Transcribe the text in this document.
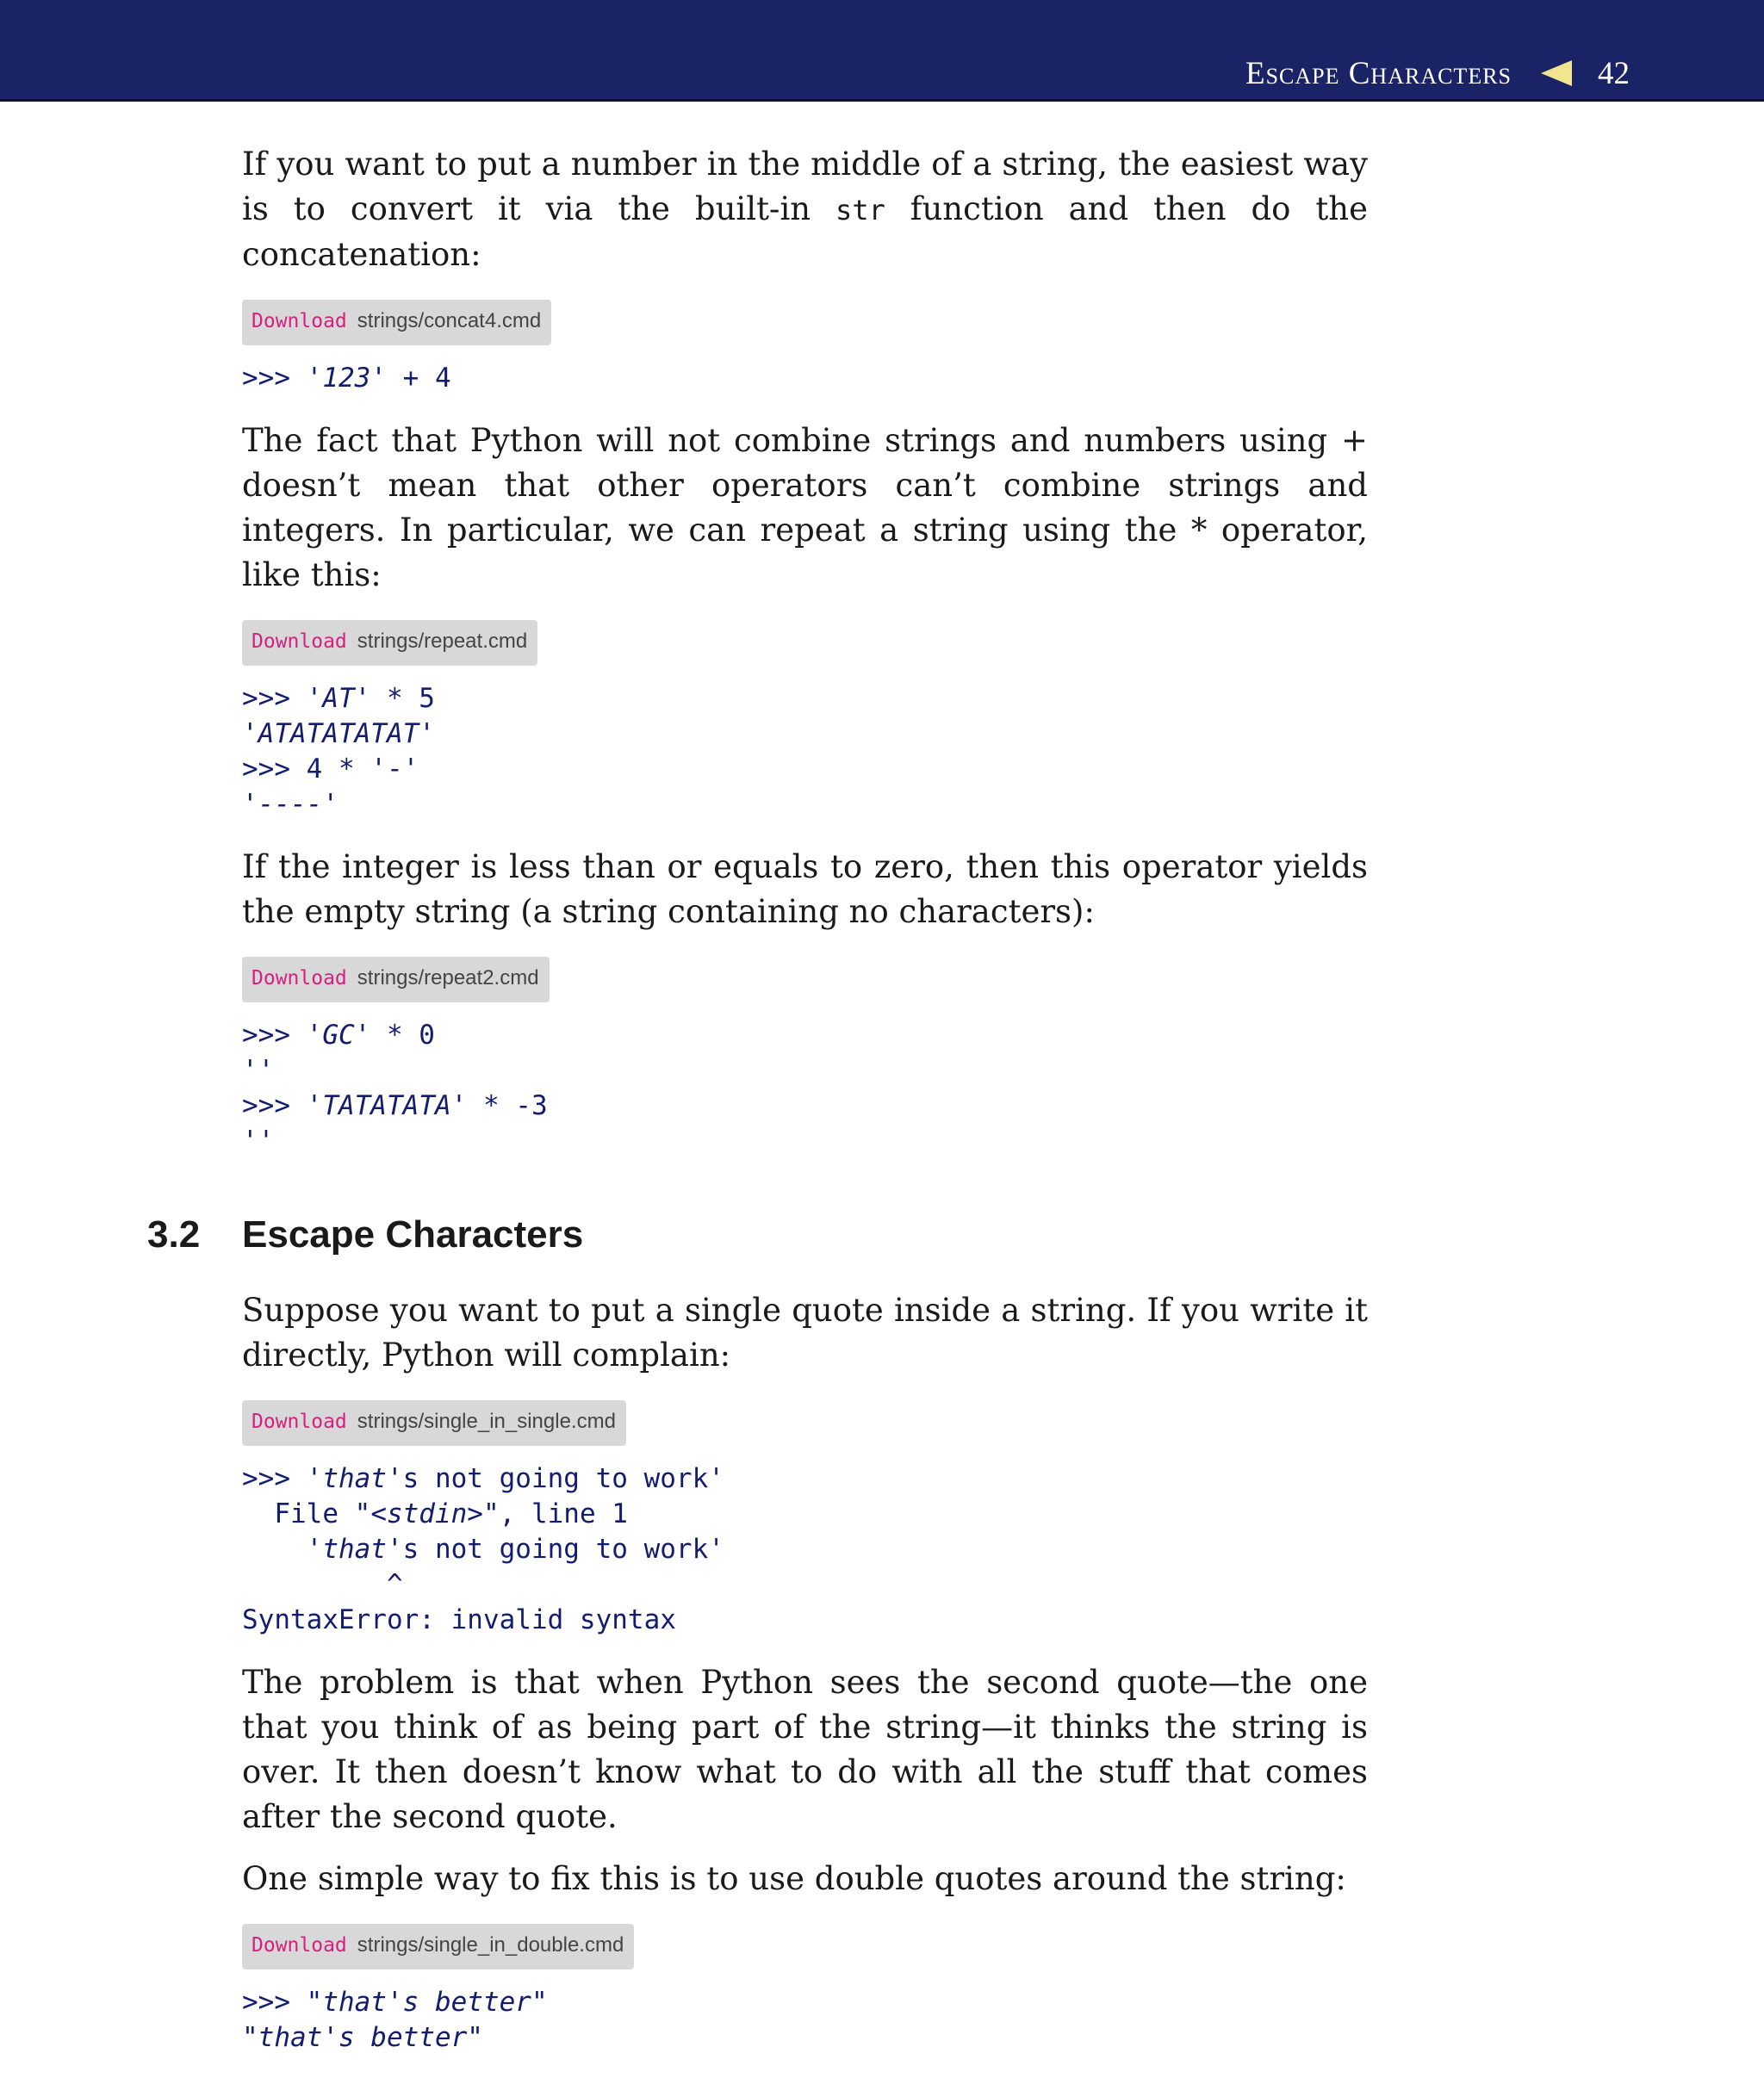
Escape Characters	42

If you want to put a number in the middle of a string, the easiest way is to convert it via the built-in str function and then do the concatenation:

Download strings/concat4.cmd
>>> '123' + 4

The fact that Python will not combine strings and numbers using + doesn’t mean that other operators can’t combine strings and integers. In particular, we can repeat a string using the * operator, like this:

Download strings/repeat.cmd
>>> 'AT' * 5
'ATATATATAT'
>>> 4 * '-'
'----'

If the integer is less than or equals to zero, then this operator yields the empty string (a string containing no characters):

Download strings/repeat2.cmd
>>> 'GC' * 0
''
>>> 'TATATATA' * -3
''
3.2 Escape Characters

Suppose you want to put a single quote inside a string. If you write it directly, Python will complain:

Download strings/single_in_single.cmd
>>> 'that's not going to work'
File "<stdin>", line 1
'that's not going to work'
^
SyntaxError: invalid syntax

The problem is that when Python sees the second quote—the one that you think of as being part of the string—it thinks the string is over. It then doesn’t know what to do with all the stuff that comes after the second quote.

One simple way to fix this is to use double quotes around the string:

Download strings/single_in_double.cmd
>>> "that's better"
"that's better"
